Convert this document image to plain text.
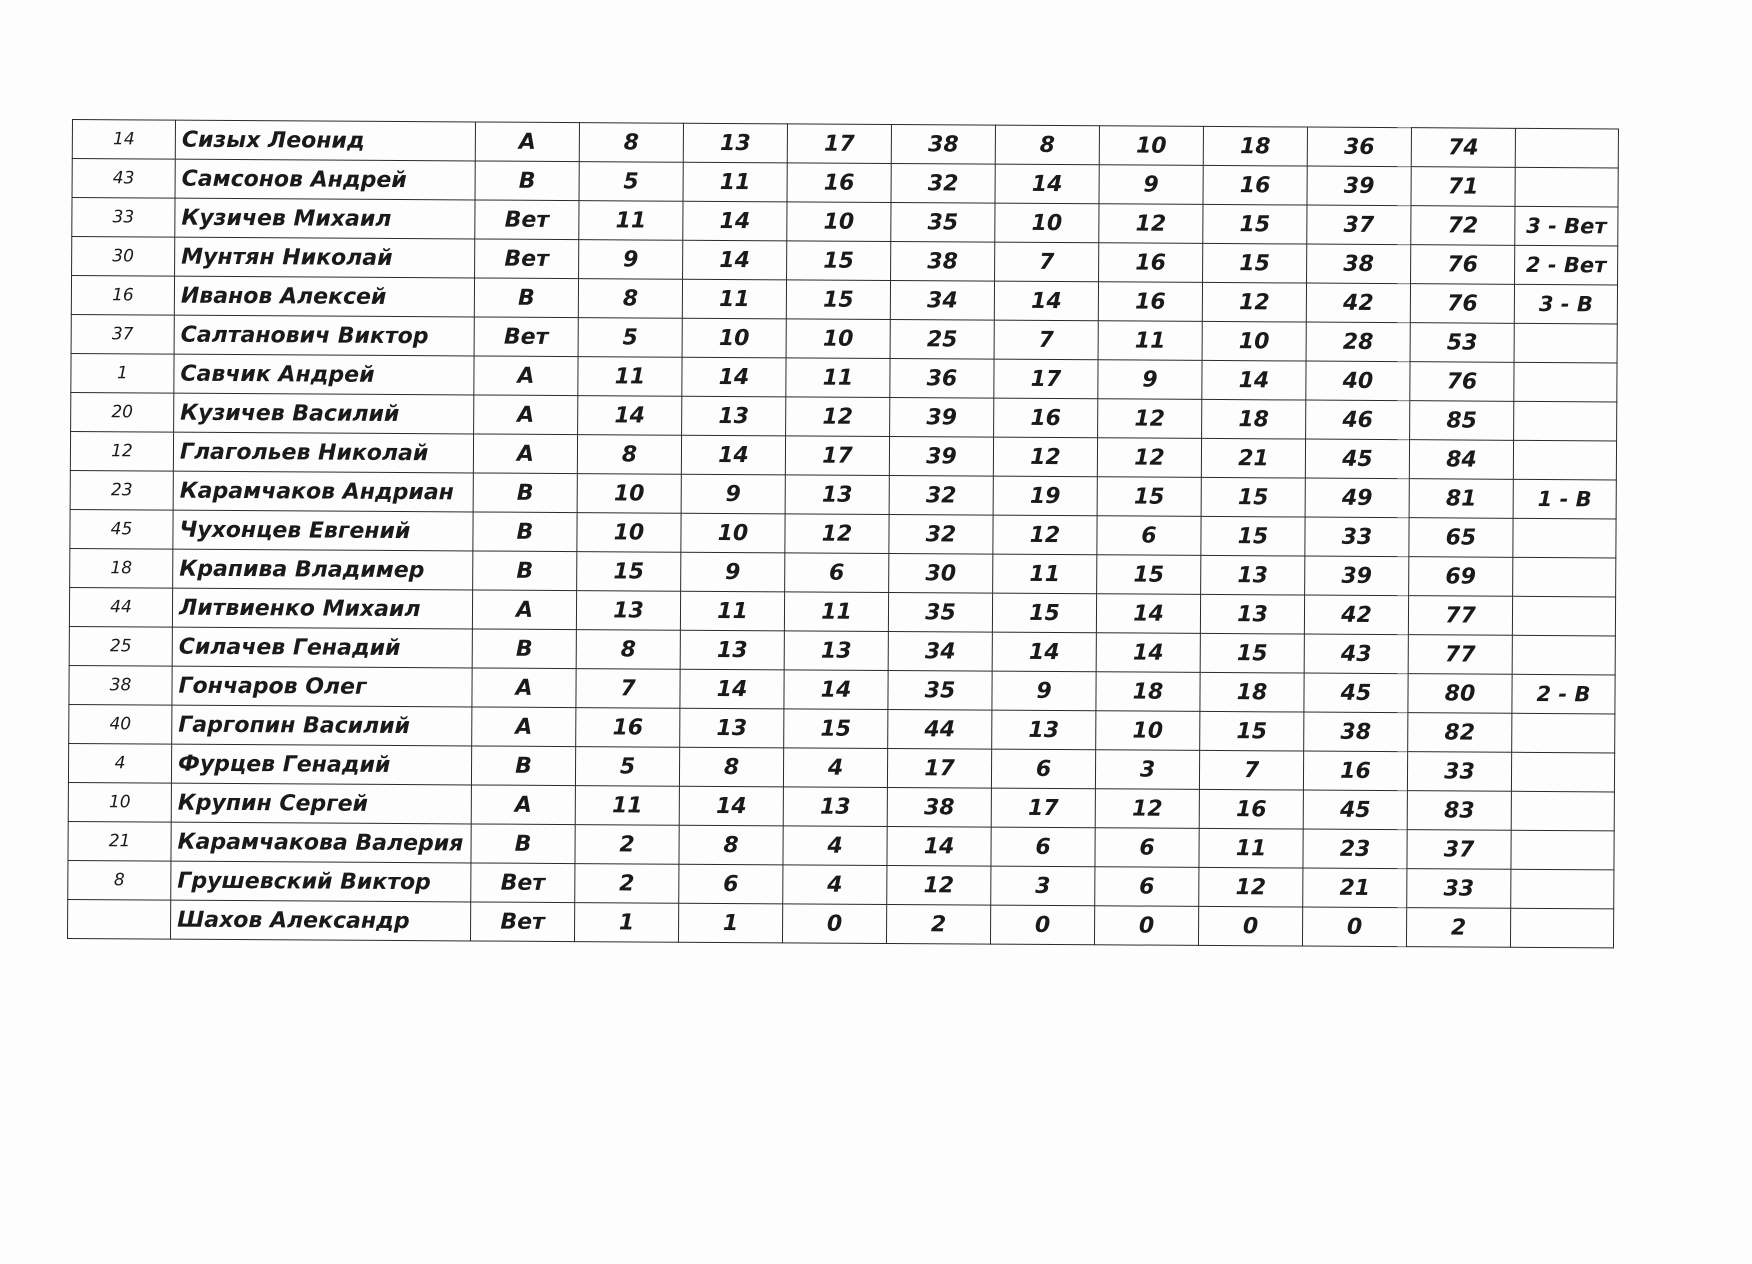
14	Сизых Леонид	А	8	13	17	38	8	10	18	36	74	
43	Самсонов Андрей	В	5	11	16	32	14	9	16	39	71	
33	Кузичев Михаил	Вет	11	14	10	35	10	12	15	37	72	3 - Вет
30	Мунтян Николай	Вет	9	14	15	38	7	16	15	38	76	2 - Вет
16	Иванов Алексей	В	8	11	15	34	14	16	12	42	76	3 - В
37	Салтанович Виктор	Вет	5	10	10	25	7	11	10	28	53	
1	Савчик Андрей	А	11	14	11	36	17	9	14	40	76	
20	Кузичев Василий	А	14	13	12	39	16	12	18	46	85	
12	Глагольев Николай	А	8	14	17	39	12	12	21	45	84	
23	Карамчаков Андриан	В	10	9	13	32	19	15	15	49	81	1 - В
45	Чухонцев Евгений	В	10	10	12	32	12	6	15	33	65	
18	Крапива Владимер	В	15	9	6	30	11	15	13	39	69	
44	Литвиенко Михаил	А	13	11	11	35	15	14	13	42	77	
25	Силачев Генадий	В	8	13	13	34	14	14	15	43	77	
38	Гончаров Олег	А	7	14	14	35	9	18	18	45	80	2 - В
40	Гаргопин Василий	А	16	13	15	44	13	10	15	38	82	
4	Фурцев Генадий	В	5	8	4	17	6	3	7	16	33	
10	Крупин Сергей	А	11	14	13	38	17	12	16	45	83	
21	Карамчакова Валерия	В	2	8	4	14	6	6	11	23	37	
8	Грушевский Виктор	Вет	2	6	4	12	3	6	12	21	33	
	Шахов Александр	Вет	1	1	0	2	0	0	0	0	2	
